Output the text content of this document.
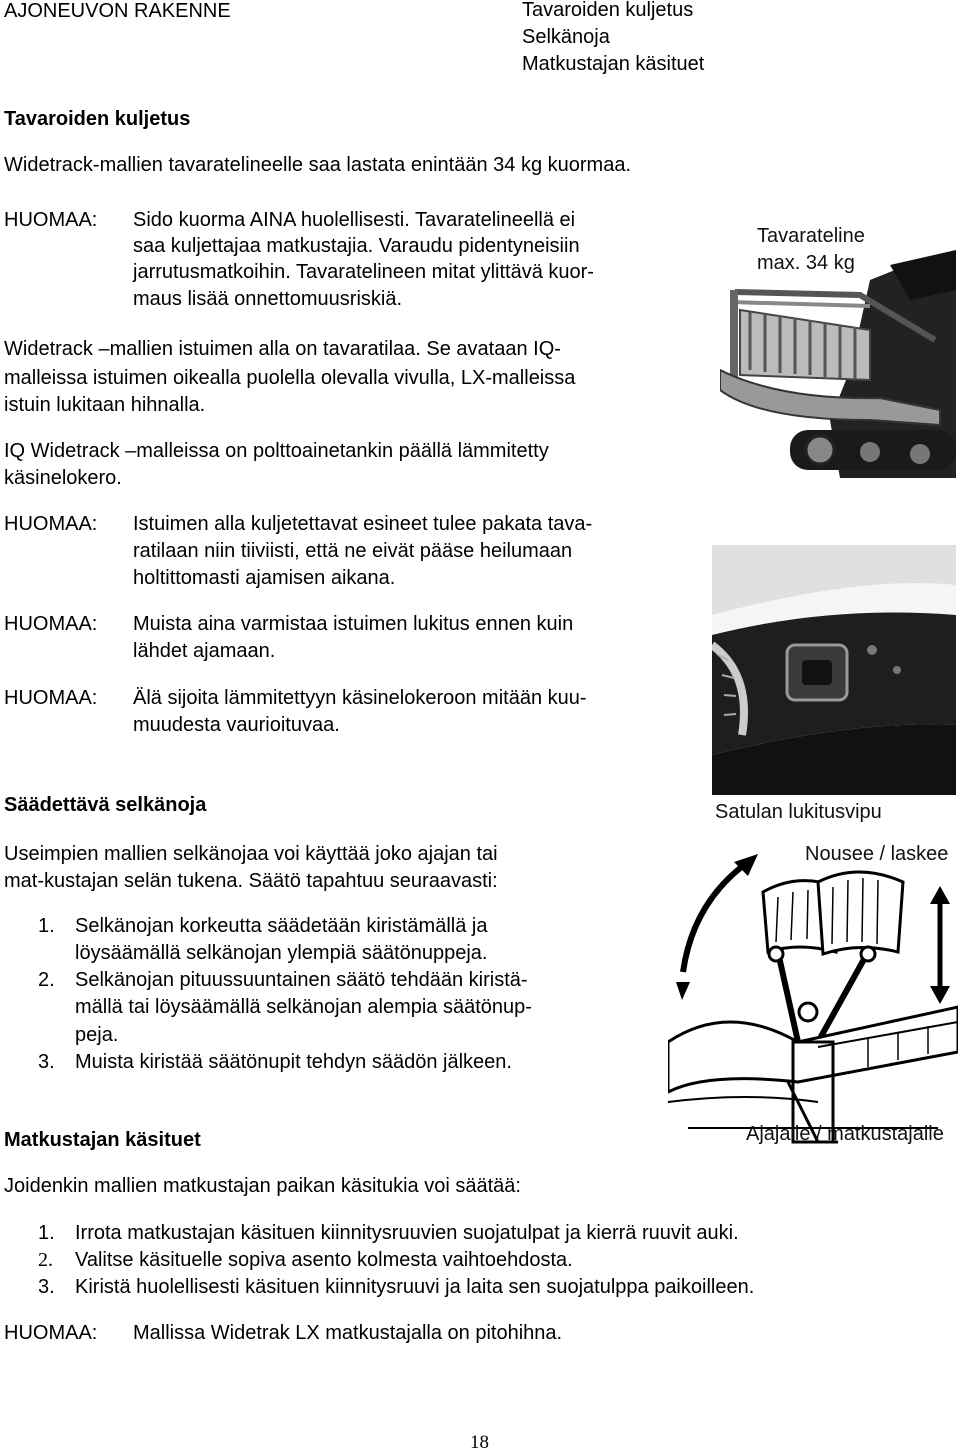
AJONEUVON RAKENNE	Tavaroiden kuljetus
Selkänoja
Matkustajan käsituet
Tavaroiden kuljetus
Widetrack-mallien tavaratelineelle saa lastata enintään 34 kg kuormaa.
HUOMAA: Sido kuorma AINA huolellisesti. Tavaratelineellä ei
saa kuljettajaa matkustajia. Varaudu pidentyneisiin
jarrutusmatkoihin. Tavaratelineen mitat ylittävä kuor-
maus lisää onnettomuusriskiä.
Widetrack –mallien istuimen alla on tavaratilaa. Se avataan IQ-
malleissa istuimen oikealla puolella olevalla vivulla, LX-malleissa
istuin lukitaan hihnalla.
IQ Widetrack –malleissa on polttoainetankin päällä lämmitetty
käsinelokero.
HUOMAA: Istuimen alla kuljetettavat esineet tulee pakata tava-
ratilaan niin tiiviisti, että ne eivät pääse heilumaan
holtittomasti ajamisen aikana.
HUOMAA: Muista aina varmistaa istuimen lukitus ennen kuin
lähdet ajamaan.
HUOMAA: Älä sijoita lämmitettyyn käsinelokeroon mitään kuu-
muudesta vaurioituvaa.
Säädettävä selkänoja
Useimpien mallien selkänojaa voi käyttää joko ajajan tai
mat-kustajan selän tukena. Säätö tapahtuu seuraavasti:
1. Selkänojan korkeutta säädetään kiristämällä ja
löysäämällä selkänojan ylempiä säätönuppeja.
2. Selkänojan pituussuuntainen säätö tehdään kiristä-
mällä tai löysäämällä selkänojan alempia säätönup-
peja.
3. Muista kiristää säätönupit tehdyn säädön jälkeen.
Matkustajan käsituet
Joidenkin mallien matkustajan paikan käsitukia voi säätää:
1. Irrota matkustajan käsituen kiinnitysruuvien suojatulpat ja kierrä ruuvit auki.
2. Valitse käsituelle sopiva asento kolmesta vaihtoehdosta.
3. Kiristä huolellisesti käsituen kiinnitysruuvi ja laita sen suojatulppa paikoilleen.
HUOMAA: Mallissa Widetrak LX matkustajalla on pitohihna.
18
Tavarateline
max. 34 kg
Satulan lukitusvipu
Nousee / laskee
Ajajalle / matkustajalle
